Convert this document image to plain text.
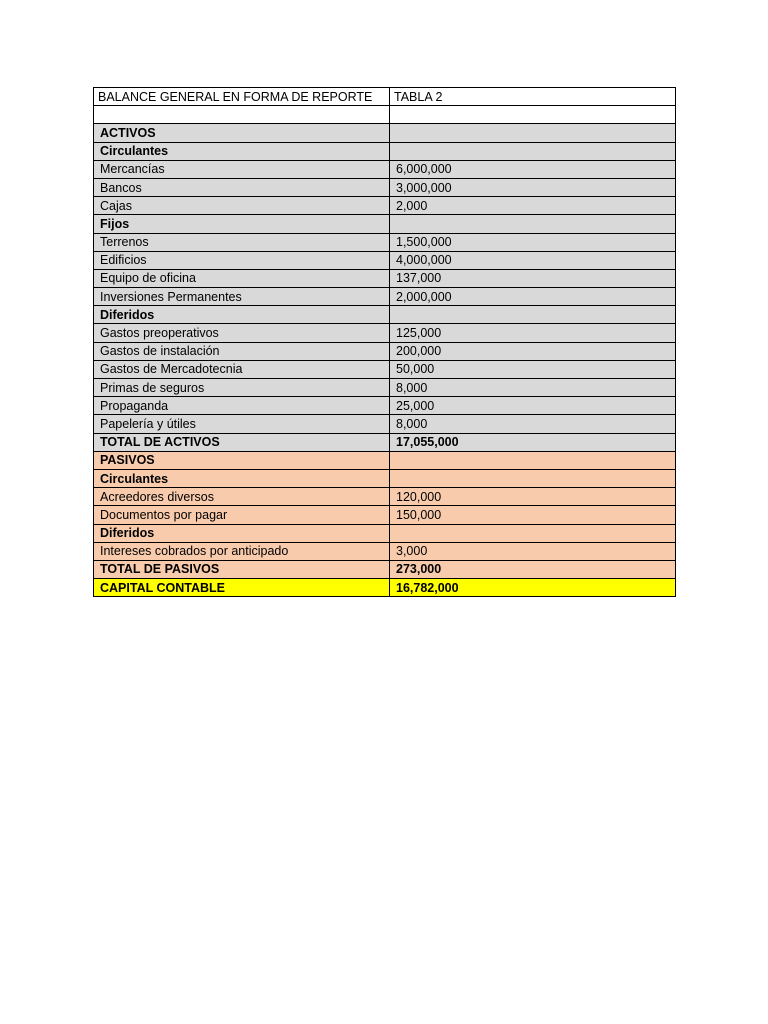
BALANCE GENERAL EN FORMA DE REPORTE	TABLA 2

ACTIVOS	
Circulantes	
Mercancías	6,000,000
Bancos	3,000,000
Cajas	2,000
Fijos	
Terrenos	1,500,000
Edificios	4,000,000
Equipo de oficina	137,000
Inversiones Permanentes	2,000,000
Diferidos	
Gastos preoperativos	125,000
Gastos de instalación	200,000
Gastos de Mercadotecnia	50,000
Primas de seguros	8,000
Propaganda	25,000
Papelería y útiles	8,000
TOTAL DE ACTIVOS	17,055,000
PASIVOS	
Circulantes	
Acreedores diversos	120,000
Documentos por pagar	150,000
Diferidos	
Intereses cobrados por anticipado	3,000
TOTAL DE PASIVOS	273,000
CAPITAL CONTABLE	16,782,000
